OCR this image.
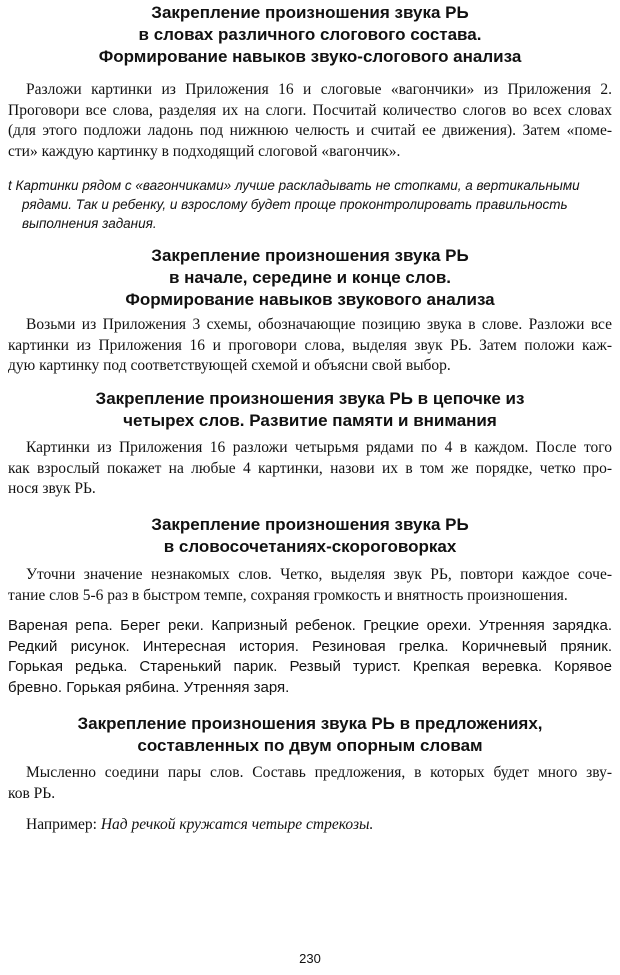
Закрепление произношения звука РЬ
в словах различного слогового состава.
Формирование навыков звуко-слогового анализа

Разложи картинки из Приложения 16 и слоговые «вагончики» из Приложения 2.
Проговори все слова, разделяя их на слоги. Посчитай количество слогов во всех словах
(для этого подложи ладонь под нижнюю челюсть и считай ее движения). Затем «поме-
сти» каждую картинку в подходящий слоговой «вагончик».

t Картинки рядом с «вагончиками» лучше раскладывать не стопками, а вертикальными
рядами. Так и ребенку, и взрослому будет проще проконтролировать правильность
выполнения задания.

Закрепление произношения звука РЬ
в начале, середине и конце слов.
Формирование навыков звукового анализа

Возьми из Приложения 3 схемы, обозначающие позицию звука в слове. Разложи все
картинки из Приложения 16 и проговори слова, выделяя звук РЬ. Затем положи каж-
дую картинку под соответствующей схемой и объясни свой выбор.

Закрепление произношения звука РЬ в цепочке из
четырех слов. Развитие памяти и внимания

Картинки из Приложения 16 разложи четырьмя рядами по 4 в каждом. После того
как взрослый покажет на любые 4 картинки, назови их в том же порядке, четко про-
нося звук РЬ.

Закрепление произношения звука РЬ
в словосочетаниях-скороговорках

Уточни значение незнакомых слов. Четко, выделяя звук РЬ, повтори каждое соче-
тание слов 5-6 раз в быстром темпе, сохраняя громкость и внятность произношения.

Вареная репа. Берег реки. Капризный ребенок. Грецкие орехи. Утренняя зарядка.
Редкий рисунок. Интересная история. Резиновая грелка. Коричневый пряник.
Горькая редька. Старенький парик. Резвый турист. Крепкая веревка. Корявое
бревно. Горькая рябина. Утренняя заря.

Закрепление произношения звука РЬ в предложениях,
составленных по двум опорным словам

Мысленно соедини пары слов. Составь предложения, в которых будет много зву-
ков РЬ.

Например: Над речкой кружатся четыре стрекозы.

230
